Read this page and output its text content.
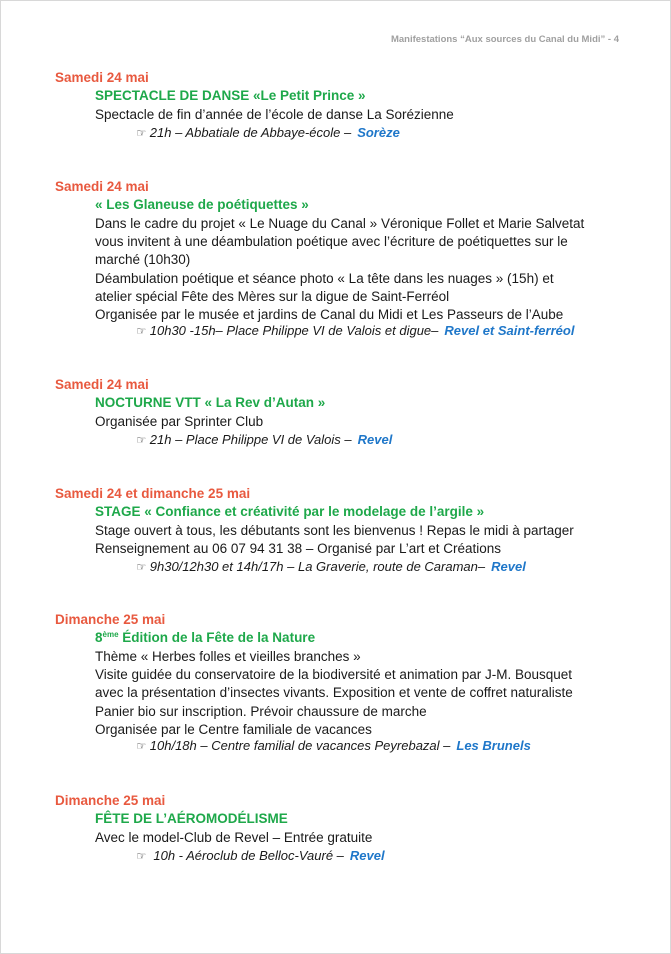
Manifestations “Aux sources du Canal du Midi” - 4
Samedi 24 mai
SPECTACLE DE DANSE «Le Petit Prince »
Spectacle de fin d’année de l’école de danse La Sorézienne
☞ 21h – Abbatiale de Abbaye-école – Sorèze
Samedi 24 mai
« Les Glaneuse de poétiquettes »
Dans le cadre du projet « Le Nuage du Canal » Véronique Follet et Marie Salvetat
vous invitent à une déambulation poétique avec l’écriture de poétiquettes sur le
marché (10h30)
Déambulation poétique et séance photo « La tête dans les nuages » (15h) et
atelier spécial Fête des Mères sur la digue de Saint-Ferréol
Organisée par le musée et jardins de Canal du Midi et Les Passeurs de l’Aube
☞ 10h30 -15h– Place Philippe VI de Valois et digue– Revel et Saint-ferréol
Samedi 24 mai
NOCTURNE VTT « La Rev d’Autan »
Organisée par Sprinter Club
☞ 21h – Place Philippe VI de Valois – Revel
Samedi 24 et dimanche 25 mai
STAGE « Confiance et créativité par le modelage de l’argile »
Stage ouvert à tous, les débutants sont les bienvenus ! Repas le midi à partager
Renseignement au 06 07 94 31 38 – Organisé par L’art et Créations
☞ 9h30/12h30 et 14h/17h – La Graverie, route de Caraman– Revel
Dimanche 25 mai
8ème Édition de la Fête de la Nature
Thème « Herbes folles et vieilles branches »
Visite guidée du conservatoire de la biodiversité et animation par J-M. Bousquet
avec la présentation d’insectes vivants. Exposition et vente de coffret naturaliste
Panier bio sur inscription. Prévoir chaussure de marche
Organisée par le Centre familiale de vacances
☞ 10h/18h – Centre familial de vacances Peyrebazal – Les Brunels
Dimanche 25 mai
FÊTE DE L’AÉROMODÉLISME
Avec le model-Club de Revel – Entrée gratuite
☞ 10h - Aéroclub de Belloc-Vauré – Revel
